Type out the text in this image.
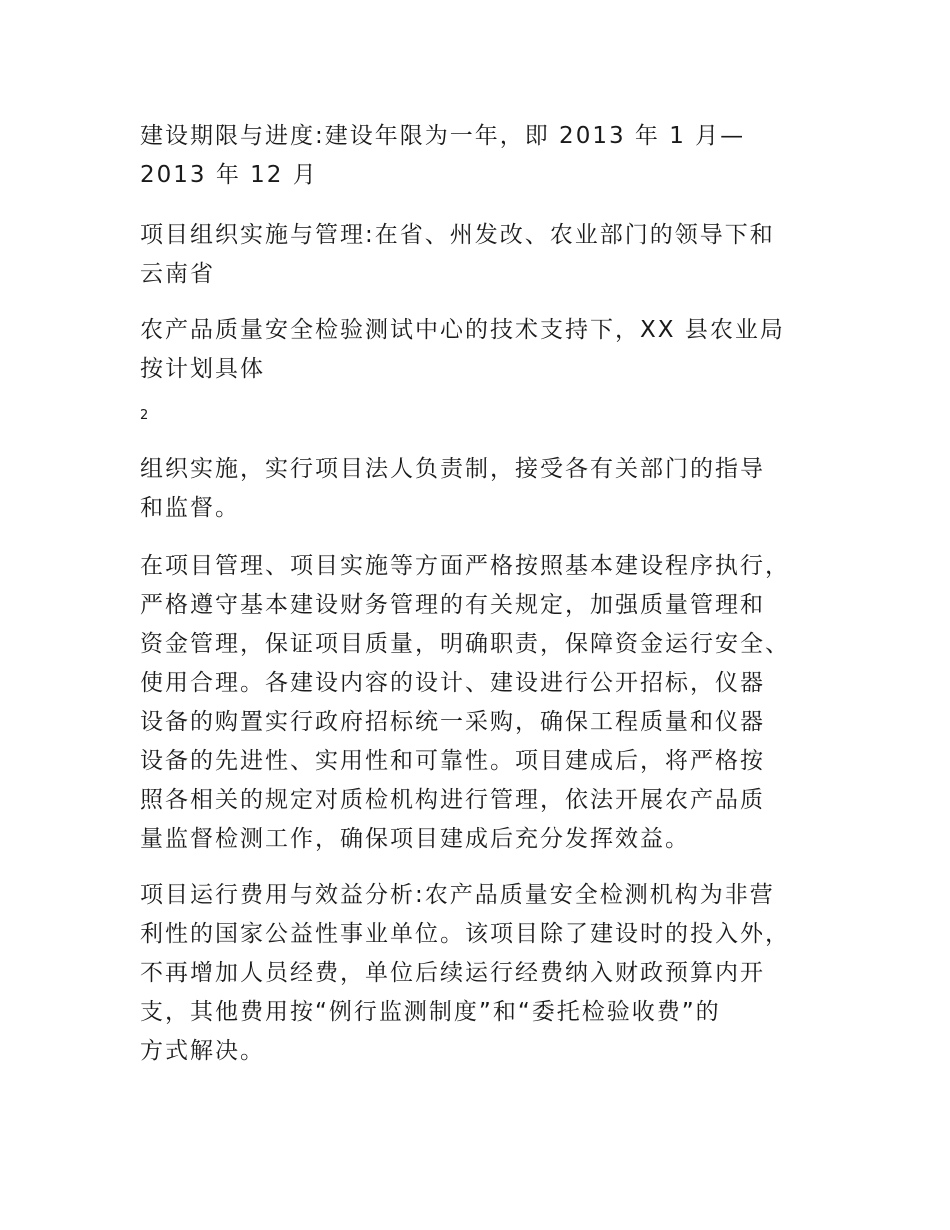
建设期限与进度:建设年限为一年，即 2013 年 1 月—

2013 年 12 月

项目组织实施与管理:在省、州发改、农业部门的领导下和

云南省

农产品质量安全检验测试中心的技术支持下，XX 县农业局

按计划具体

2

组织实施，实行项目法人负责制，接受各有关部门的指导

和监督。

在项目管理、项目实施等方面严格按照基本建设程序执行，

严格遵守基本建设财务管理的有关规定，加强质量管理和

资金管理，保证项目质量，明确职责，保障资金运行安全、

使用合理。各建设内容的设计、建设进行公开招标，仪器

设备的购置实行政府招标统一采购，确保工程质量和仪器

设备的先进性、实用性和可靠性。项目建成后，将严格按

照各相关的规定对质检机构进行管理，依法开展农产品质

量监督检测工作，确保项目建成后充分发挥效益。

项目运行费用与效益分析:农产品质量安全检测机构为非营

利性的国家公益性事业单位。该项目除了建设时的投入外，

不再增加人员经费，单位后续运行经费纳入财政预算内开

支，其他费用按“例行监测制度”和“委托检验收费”的

方式解决。
